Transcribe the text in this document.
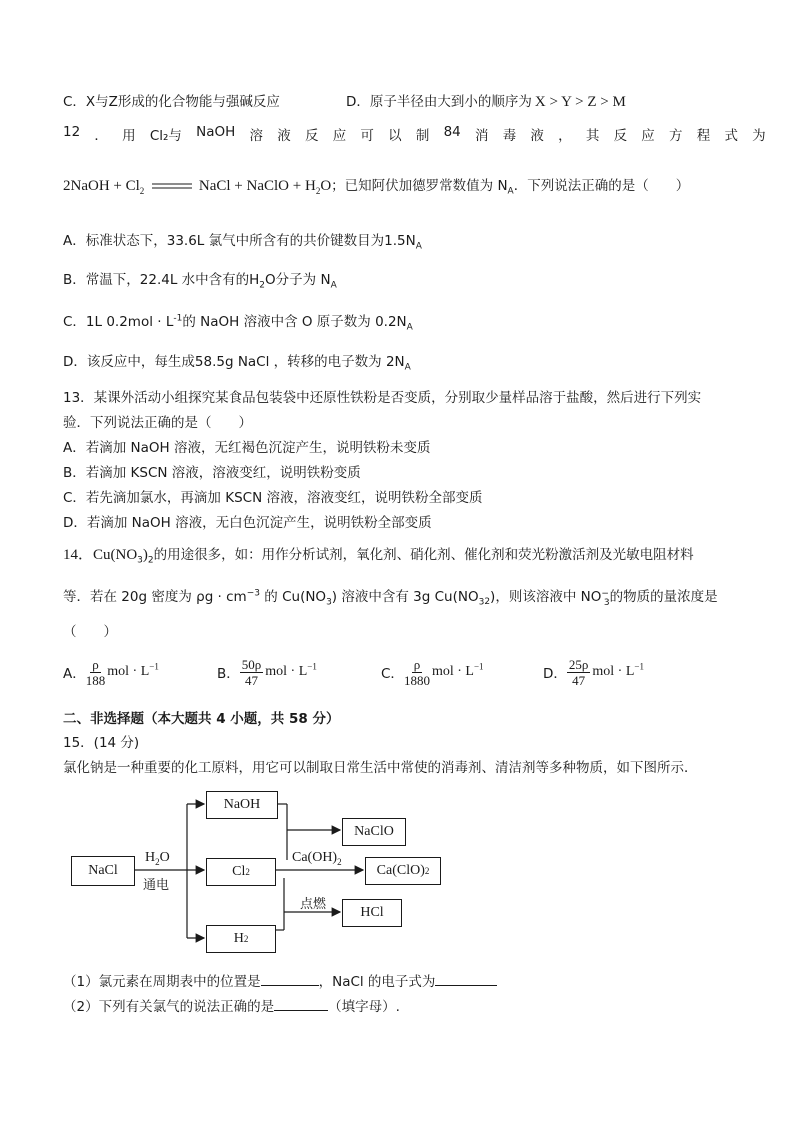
C．X与Z形成的化合物能与强碱反应	D．原子半径由大到小的顺序为 X > Y > Z > M
12 ． 用 Cl₂与 NaOH 溶 液 反 应 可 以 制 84 消 毒 液 ， 其 反 应 方 程 式 为
2NaOH + $Cl_2$	NaCl + NaClO + $H_2O$；已知阿伏加德罗常数值为 $N_A$．下列说法正确的是（　　）
A．标准状态下，33.6L 氯气中所含有的共价键数目为$1.5N_A$
B．常温下，22.4L 水中含有的$H_2O$分子为 $N_A$
C．1L $0.2mol \cdot L^{-1}$的 NaOH 溶液中含 O 原子数为 $0.2N_A$
D．该反应中，每生成58.5g NaCl ，转移的电子数为 $2N_A$
13．某课外活动小组探究某食品包装袋中还原性铁粉是否变质，分别取少量样品溶于盐酸，然后进行下列实
验．下列说法正确的是（　　）
A．若滴加 NaOH 溶液，无红褐色沉淀产生，说明铁粉未变质
B．若滴加 KSCN 溶液，溶液变红，说明铁粉变质
C．若先滴加氯水，再滴加 KSCN 溶液，溶液变红，说明铁粉全部变质
D．若滴加 NaOH 溶液，无白色沉淀产生，说明铁粉全部变质
14．$Cu(NO_3)_2$的用途很多，如：用作分析试剂，氧化剂、硝化剂、催化剂和荧光粉激活剂及光敏电阻材料
等．若在 20g 密度为 $\rho g \cdot cm^{-3}$ 的 $Cu(NO_3)$ 溶液中含有 3g $Cu(NO_{32})$，则该溶液中 $NO^-_3$的物质的量浓度是
（　　）
A． $\frac{\rho}{188}$ mol · $L^{-1}$	B． $\frac{50\rho}{47}$ mol · $L^{-1}$	C． $\frac{\rho}{1880}$ mol · $L^{-1}$	D． $\frac{25\rho}{47}$ mol · $L^{-1}$
二、非选择题（本大题共 4 小题，共 58 分）
15．(14 分)
氯化钠是一种重要的化工原料，用它可以制取日常生活中常使的消毒剂、清洁剂等多种物质，如下图所示．
NaCl
$H_2O$
通电
NaOH
Cl 2
H 2
NaClO
$Ca(OH)_2$
Ca(ClO) 2
点燃
HCl
（1）氯元素在周期表中的位置是	，NaCl 的电子式为
（2）下列有关氯气的说法正确的是	（填字母）.
